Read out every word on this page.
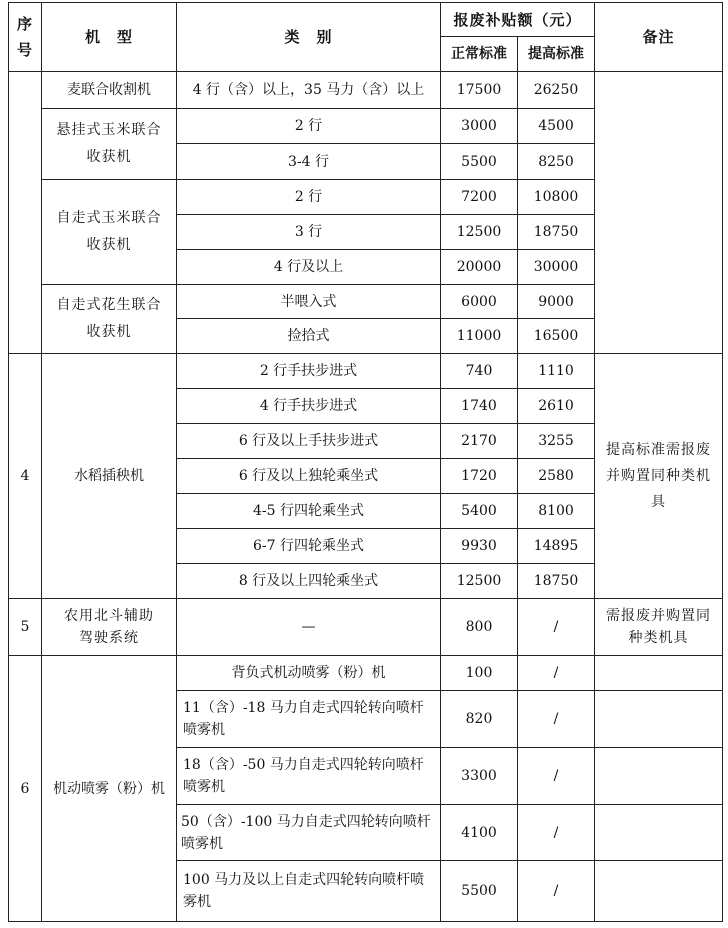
序
号	机　型	类　别	报废补贴额（元）		备注
			正常标准	提高标准	
	麦联合收割机	4 行（含）以上，35 马力（含）以上	17500	26250	
	悬挂式玉米联合收获机	2 行	3000	4500	
		3-4 行	5500	8250	
	自走式玉米联合收获机	2 行	7200	10800	
		3 行	12500	18750	
		4 行及以上	20000	30000	
	自走式花生联合收获机	半喂入式	6000	9000	
		捡拾式	11000	16500	
4	水稻插秧机	2 行手扶步进式	740	1110	提高标准需报废并购置同种类机具
		4 行手扶步进式	1740	2610	
		6 行及以上手扶步进式	2170	3255	
		6 行及以上独轮乘坐式	1720	2580	
		4-5 行四轮乘坐式	5400	8100	
		6-7 行四轮乘坐式	9930	14895	
		8 行及以上四轮乘坐式	12500	18750	
5	农用北斗辅助驾驶系统	—	800	/	需报废并购置同种类机具
6	机动喷雾（粉）机	背负式机动喷雾（粉）机	100	/	
		11（含）-18 马力自走式四轮转向喷杆喷雾机	820	/	
		18（含）-50 马力自走式四轮转向喷杆喷雾机	3300	/	
		50（含）-100 马力自走式四轮转向喷杆喷雾机	4100	/	
		100 马力及以上自走式四轮转向喷杆喷雾机	5500	/	
